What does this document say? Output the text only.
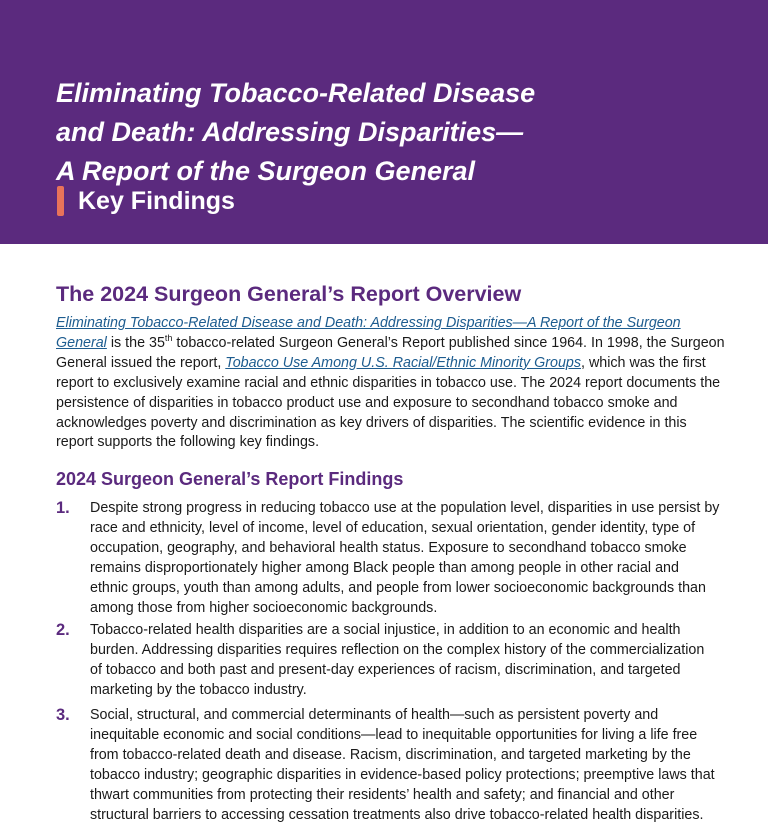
Eliminating Tobacco-Related Disease
and Death: Addressing Disparities—
A Report of the Surgeon General
Key Findings
The 2024 Surgeon General’s Report Overview

Eliminating Tobacco-Related Disease and Death: Addressing Disparities—A Report of the Surgeon General is the 35th tobacco-related Surgeon General’s Report published since 1964. In 1998, the Surgeon General issued the report, Tobacco Use Among U.S. Racial/Ethnic Minority Groups, which was the first report to exclusively examine racial and ethnic disparities in tobacco use. The 2024 report documents the persistence of disparities in tobacco product use and exposure to secondhand tobacco smoke and acknowledges poverty and discrimination as key drivers of disparities. The scientific evidence in this report supports the following key findings.

2024 Surgeon General’s Report Findings
1.	Despite strong progress in reducing tobacco use at the population level, disparities in use persist by race and ethnicity, level of income, level of education, sexual orientation, gender identity, type of occupation, geography, and behavioral health status. Exposure to secondhand tobacco smoke remains disproportionately higher among Black people than among people in other racial and ethnic groups, youth than among adults, and people from lower socioeconomic backgrounds than among those from higher socioeconomic backgrounds.

2.	Tobacco-related health disparities are a social injustice, in addition to an economic and health burden. Addressing disparities requires reflection on the complex history of the commercialization of tobacco and both past and present-day experiences of racism, discrimination, and targeted marketing by the tobacco industry.

3.	Social, structural, and commercial determinants of health—such as persistent poverty and inequitable economic and social conditions—lead to inequitable opportunities for living a life free from tobacco-related death and disease. Racism, discrimination, and targeted marketing by the tobacco industry; geographic disparities in evidence-based policy protections; preemptive laws that thwart communities from protecting their residents’ health and safety; and financial and other structural barriers to accessing cessation treatments also drive tobacco-related health disparities.
